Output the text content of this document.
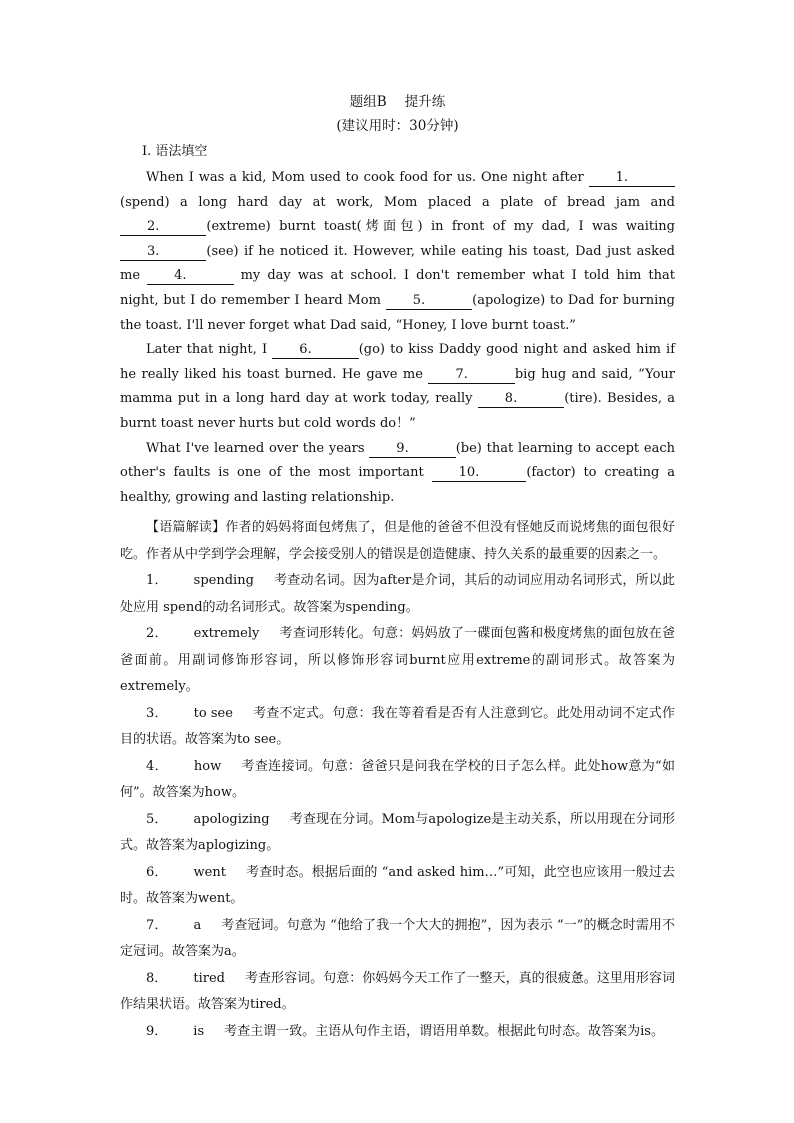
题组B 提升练

(建议用时：30分钟)

Ⅰ. 语法填空

When I was a kid, Mom used to cook food for us. One night after 1.(spend) a long hard day at work, Mom placed a plate of bread jam and 2.	(extreme) burnt toast(烤面包) in front of my dad, I was waiting 3.	(see) if he noticed it. However, while eating his toast, Dad just asked me 4.	my day was at school. I don't remember what I told him that night, but I do remember I heard Mom 5.	(apologize) to Dad for burning the toast. I'll never forget what Dad said, “Honey, I love burnt toast.”

Later that night, I 6.	(go) to kiss Daddy good night and asked him if he really liked his toast burned. He gave me 7.	big hug and said, “Your mamma put in a long hard day at work today, really 8.	(tire). Besides, a burnt toast never hurts but cold words do！”

What I've learned over the years 9.	(be) that learning to accept each other's faults is one of the most important 10.	(factor) to creating a healthy, growing and lasting relationship.

【语篇解读】作者的妈妈将面包烤焦了，但是他的爸爸不但没有怪她反而说烤焦的面包很好吃。作者从中学到学会理解，学会接受别人的错误是创造健康、持久关系的最重要的因素之一。

1． spending 考查动名词。因为after是介词，其后的动词应用动名词形式，所以此处应用 spend的动名词形式。故答案为spending。

2． extremely 考查词形转化。句意：妈妈放了一碟面包酱和极度烤焦的面包放在爸爸面前。用副词修饰形容词，所以修饰形容词burnt应用extreme的副词形式。故答案为extremely。

3． to see 考查不定式。句意：我在等着看是否有人注意到它。此处用动词不定式作目的状语。故答案为to see。

4． how 考查连接词。句意：爸爸只是问我在学校的日子怎么样。此处how意为“如何”。故答案为how。

5． apologizing 考查现在分词。Mom与apologize是主动关系，所以用现在分词形式。故答案为aplogizing。

6． went 考查时态。根据后面的 “and asked him…”可知，此空也应该用一般过去时。故答案为went。

7． a 考查冠词。句意为 “他给了我一个大大的拥抱”，因为表示 “一”的概念时需用不定冠词。故答案为a。

8． tired 考查形容词。句意：你妈妈今天工作了一整天，真的很疲惫。这里用形容词作结果状语。故答案为tired。

9． is 考查主谓一致。主语从句作主语，谓语用单数。根据此句时态。故答案为is。
